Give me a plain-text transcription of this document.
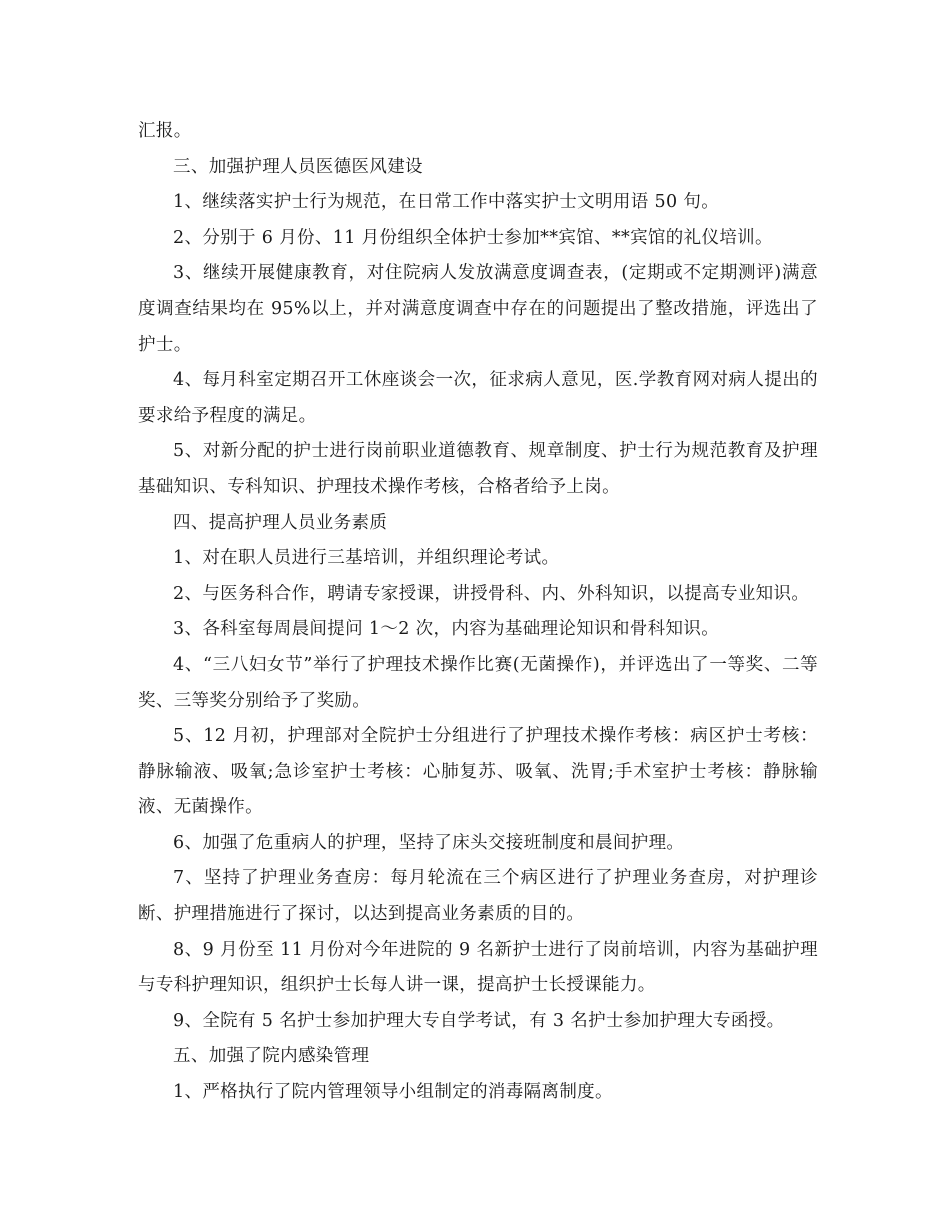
汇报。

三、加强护理人员医德医风建设

1、继续落实护士行为规范，在日常工作中落实护士文明用语 50 句。

2、分别于 6 月份、11 月份组织全体护士参加**宾馆、**宾馆的礼仪培训。

3、继续开展健康教育，对住院病人发放满意度调查表，(定期或不定期测评)满意度调查结果均在 95%以上，并对满意度调查中存在的问题提出了整改措施，评选出了护士。

4、每月科室定期召开工休座谈会一次，征求病人意见，医.学教育网对病人提出的要求给予程度的满足。

5、对新分配的护士进行岗前职业道德教育、规章制度、护士行为规范教育及护理基础知识、专科知识、护理技术操作考核，合格者给予上岗。

四、提高护理人员业务素质

1、对在职人员进行三基培训，并组织理论考试。

2、与医务科合作，聘请专家授课，讲授骨科、内、外科知识，以提高专业知识。

3、各科室每周晨间提问 1～2 次，内容为基础理论知识和骨科知识。

4、“三八妇女节”举行了护理技术操作比赛(无菌操作)，并评选出了一等奖、二等奖、三等奖分别给予了奖励。

5、12 月初，护理部对全院护士分组进行了护理技术操作考核：病区护士考核：静脉输液、吸氧;急诊室护士考核：心肺复苏、吸氧、洗胃;手术室护士考核：静脉输液、无菌操作。

6、加强了危重病人的护理，坚持了床头交接班制度和晨间护理。

7、坚持了护理业务查房：每月轮流在三个病区进行了护理业务查房，对护理诊断、护理措施进行了探讨，以达到提高业务素质的目的。

8、9 月份至 11 月份对今年进院的 9 名新护士进行了岗前培训，内容为基础护理与专科护理知识，组织护士长每人讲一课，提高护士长授课能力。

9、全院有 5 名护士参加护理大专自学考试，有 3 名护士参加护理大专函授。

五、加强了院内感染管理

1、严格执行了院内管理领导小组制定的消毒隔离制度。
